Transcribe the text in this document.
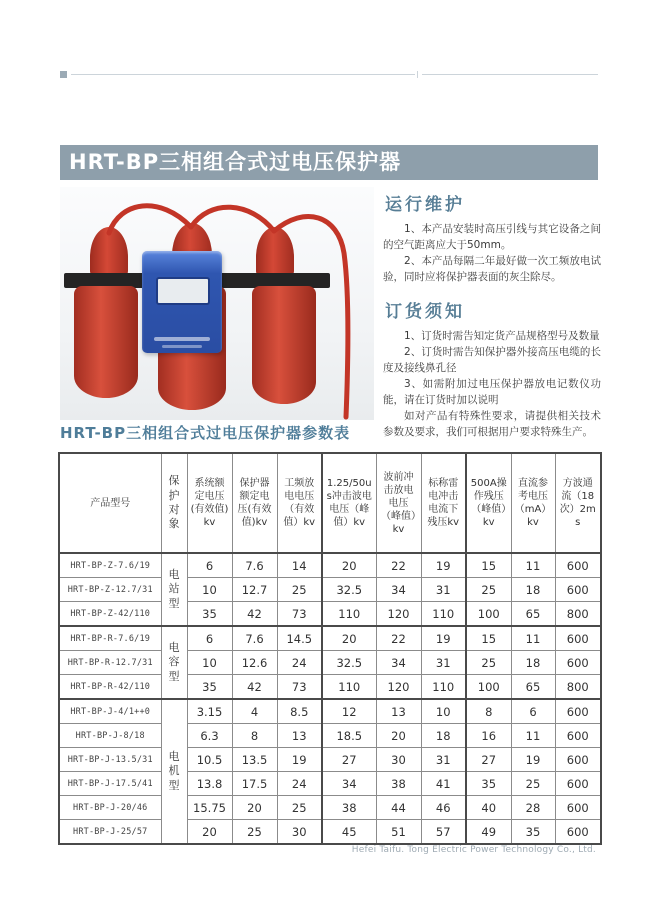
HRT-BP三相组合式过电压保护器
运行维护

1、本产品安装时高压引线与其它设备之间的空气距离应大于50mm。

2、本产品每隔二年最好做一次工频放电试验，同时应将保护器表面的灰尘除尽。

订货须知

1、订货时需告知定货产品规格型号及数量

2、订货时需告知保护器外接高压电缆的长度及接线鼻孔径

3、如需附加过电压保护器放电记数仪功能，请在订货时加以说明

如对产品有特殊性要求，请提供相关技术参数及要求，我们可根据用户要求特殊生产。

HRT-BP三相组合式过电压保护器参数表
产品型号	保护对象	系统额定电压(有效值)kv	保护器额定电压(有效值)kv	工频放电电压（有效值）kv	1.25/50us冲击波电电压（峰值）kv	波前冲击放电电压（峰值）kv	标称雷电冲击电流下残压kv	500A操作残压（峰值）kv	直流参考电压（mA）kv	方波通流（18次）2ms
HRT-BP-Z-7.6/19	电站型	6	7.6	14	20	22	19	15	11	600
HRT-BP-Z-12.7/31		10	12.7	25	32.5	34	31	25	18	600
HRT-BP-Z-42/110		35	42	73	110	120	110	100	65	800
HRT-BP-R-7.6/19	电容型	6	7.6	14.5	20	22	19	15	11	600
HRT-BP-R-12.7/31		10	12.6	24	32.5	34	31	25	18	600
HRT-BP-R-42/110		35	42	73	110	120	110	100	65	800
HRT-BP-J-4/1++0	电机型	3.15	4	8.5	12	13	10	8	6	600
HRT-BP-J-8/18		6.3	8	13	18.5	20	18	16	11	600
HRT-BP-J-13.5/31		10.5	13.5	19	27	30	31	27	19	600
HRT-BP-J-17.5/41		13.8	17.5	24	34	38	41	35	25	600
HRT-BP-J-20/46		15.75	20	25	38	44	46	40	28	600
HRT-BP-J-25/57		20	25	30	45	51	57	49	35	600
Hefei Taifu. Tong Electric Power Technology Co., Ltd.
